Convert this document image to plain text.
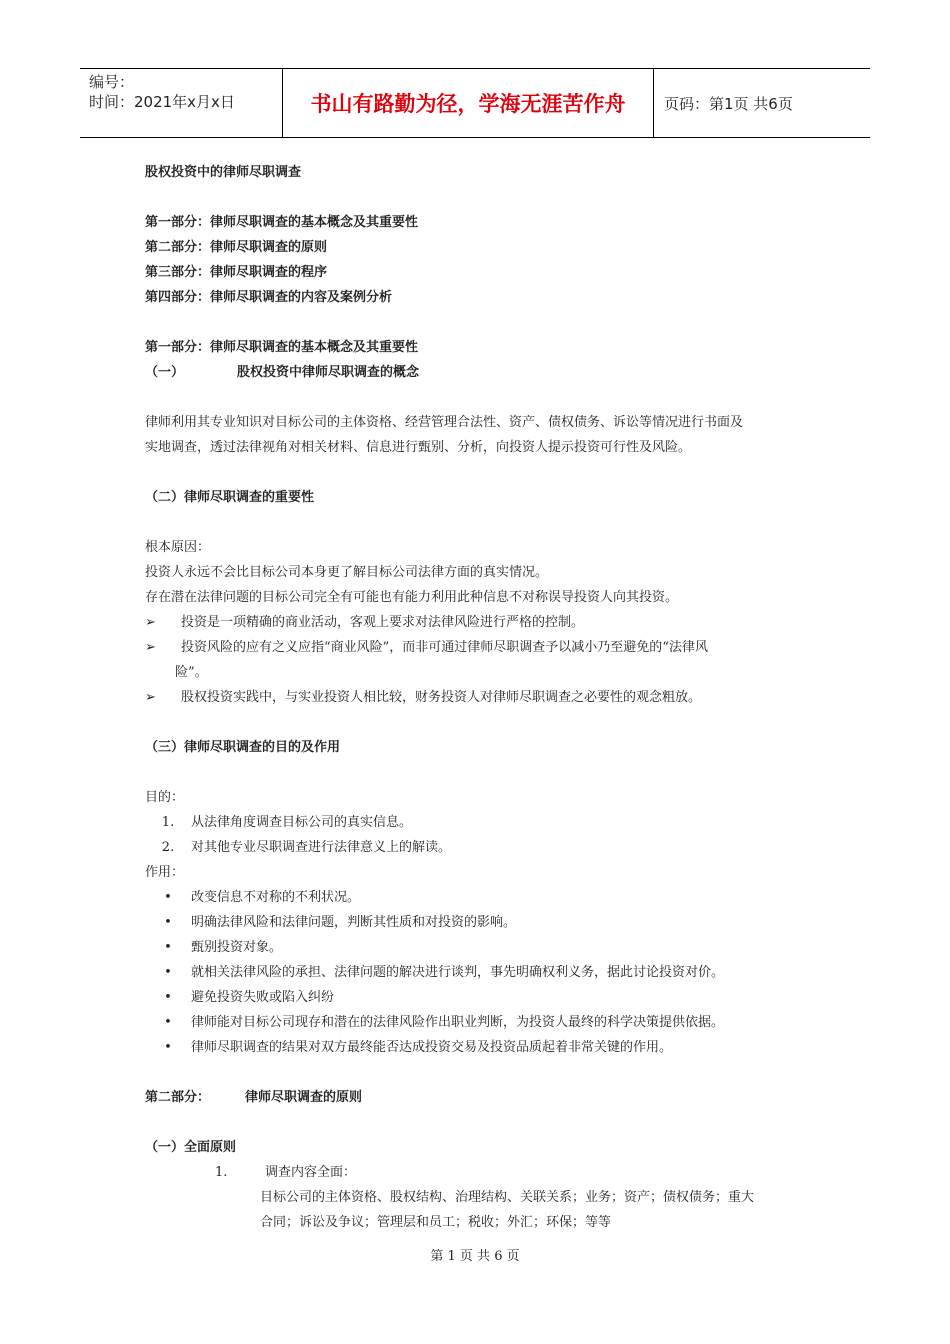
编号：
时间：2021年x月x日	书山有路勤为径，学海无涯苦作舟	页码：第1页 共6页
股权投资中的律师尽职调查
第一部分：律师尽职调查的基本概念及其重要性
第二部分：律师尽职调查的原则
第三部分：律师尽职调查的程序
第四部分：律师尽职调查的内容及案例分析
第一部分：律师尽职调查的基本概念及其重要性
（一）	股权投资中律师尽职调查的概念
律师利用其专业知识对目标公司的主体资格、经营管理合法性、资产、债权债务、诉讼等情况进行书面及
实地调查，透过法律视角对相关材料、信息进行甄别、分析，向投资人提示投资可行性及风险。
（二）律师尽职调查的重要性
根本原因：
投资人永远不会比目标公司本身更了解目标公司法律方面的真实情况。
存在潜在法律问题的目标公司完全有可能也有能力利用此种信息不对称误导投资人向其投资。
➢	投资是一项精确的商业活动，客观上要求对法律风险进行严格的控制。
➢	投资风险的应有之义应指“商业风险”，而非可通过律师尽职调查予以减小乃至避免的“法律风
险”。
➢	股权投资实践中，与实业投资人相比较，财务投资人对律师尽职调查之必要性的观念粗放。
（三）律师尽职调查的目的及作用
目的：
1.	从法律角度调查目标公司的真实信息。
2.	对其他专业尽职调查进行法律意义上的解读。
作用：
•	改变信息不对称的不利状况。
•	明确法律风险和法律问题，判断其性质和对投资的影响。
•	甄别投资对象。
•	就相关法律风险的承担、法律问题的解决进行谈判，事先明确权利义务，据此讨论投资对价。
•	避免投资失败或陷入纠纷
•	律师能对目标公司现存和潜在的法律风险作出职业判断，为投资人最终的科学决策提供依据。
•	律师尽职调查的结果对双方最终能否达成投资交易及投资品质起着非常关键的作用。
第二部分：	律师尽职调查的原则
（一）全面原则
1.	调查内容全面：
目标公司的主体资格、股权结构、治理结构、关联关系；业务；资产；债权债务；重大
合同；诉讼及争议；管理层和员工；税收；外汇；环保；等等
第 1 页 共 6 页
